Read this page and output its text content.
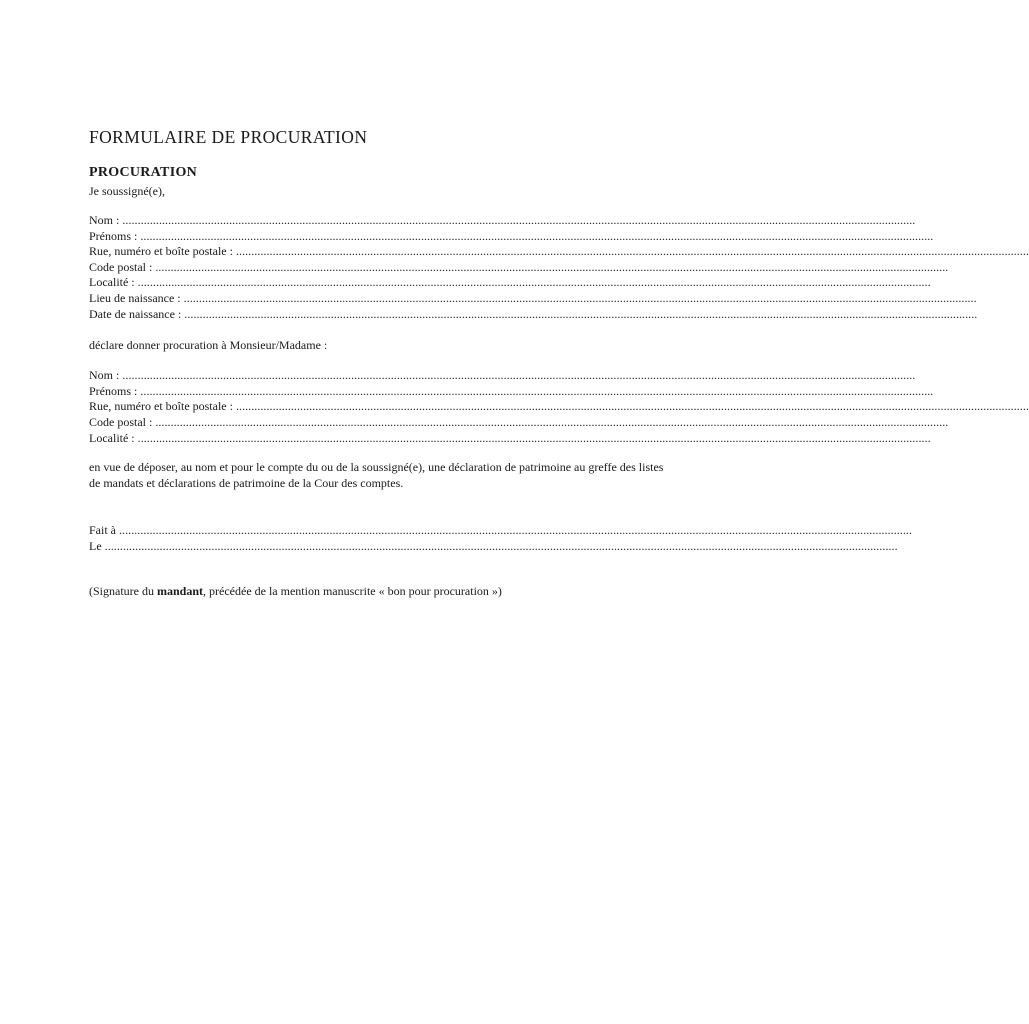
FORMULAIRE DE PROCURATION
PROCURATION

Je soussigné(e),

Nom : ....................................................................................................................................................................................................................................................................
Prénoms : ....................................................................................................................................................................................................................................................................
Rue, numéro et boîte postale : ....................................................................................................................................................................................................................................................................
Code postal : ....................................................................................................................................................................................................................................................................
Localité : ....................................................................................................................................................................................................................................................................
Lieu de naissance : ....................................................................................................................................................................................................................................................................
Date de naissance : ....................................................................................................................................................................................................................................................................

déclare donner procuration à Monsieur/Madame :

Nom : ....................................................................................................................................................................................................................................................................
Prénoms : ....................................................................................................................................................................................................................................................................
Rue, numéro et boîte postale : ....................................................................................................................................................................................................................................................................
Code postal : ....................................................................................................................................................................................................................................................................
Localité : ....................................................................................................................................................................................................................................................................

en vue de déposer, au nom et pour le compte du ou de la soussigné(e), une déclaration de patrimoine au greffe des listes de mandats et déclarations de patrimoine de la Cour des comptes.

Fait à ....................................................................................................................................................................................................................................................................
Le ....................................................................................................................................................................................................................................................................

(Signature du mandant, précédée de la mention manuscrite « bon pour procuration »)
